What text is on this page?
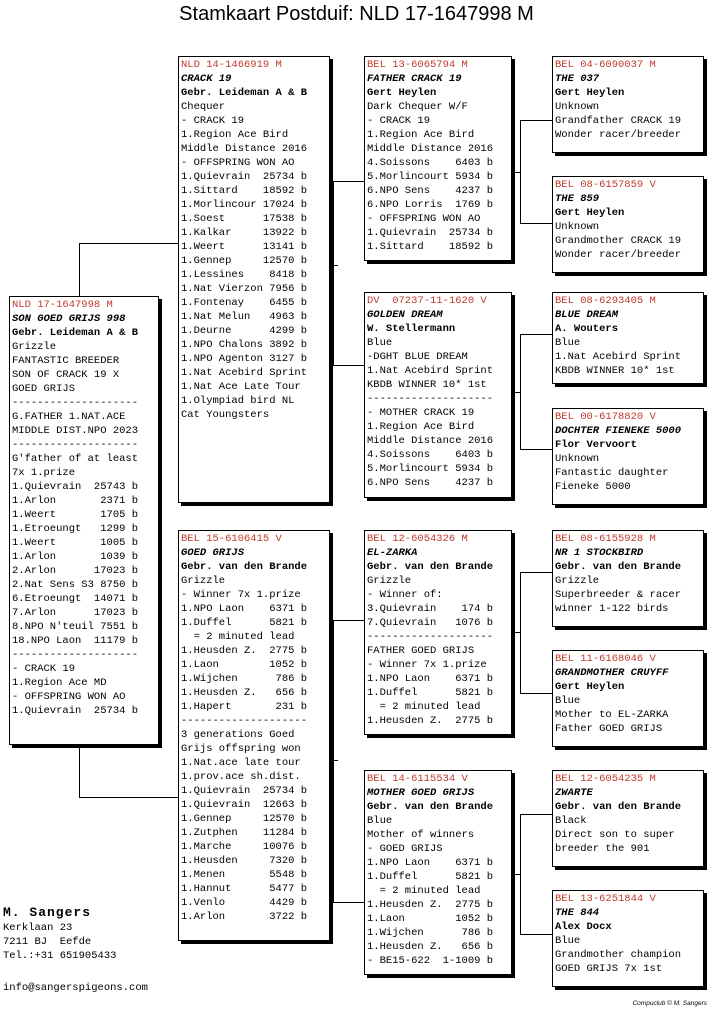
Stamkaart Postduif: NLD 17-1647998 M
NLD 17-1647998 M
SON GOED GRIJS 998
Gebr. Leideman A & B
Grizzle
FANTASTIC BREEDER
SON OF CRACK 19 X
GOED GRIJS
--------------------
G.FATHER 1.NAT.ACE
MIDDLE DIST.NPO 2023
--------------------
G'father of at least
7x 1.prize
1.Quievrain  25743 b
1.Arlon       2371 b
1.Weert       1705 b
1.Etroeungt   1299 b
1.Weert       1005 b
1.Arlon       1039 b
2.Arlon      17023 b
2.Nat Sens S3 8750 b
6.Etroeungt  14071 b
7.Arlon      17023 b
8.NPO N'teuil 7551 b
18.NPO Laon  11179 b
--------------------
- CRACK 19
1.Region Ace MD
- OFFSPRING WON AO
1.Quievrain  25734 b
NLD 14-1466919 M
CRACK 19
Gebr. Leideman A & B
Chequer
- CRACK 19
1.Region Ace Bird
Middle Distance 2016
- OFFSPRING WON AO
1.Quievrain  25734 b
1.Sittard    18592 b
1.Morlincour 17024 b
1.Soest      17538 b
1.Kalkar     13922 b
1.Weert      13141 b
1.Gennep     12570 b
1.Lessines    8418 b
1.Nat Vierzon 7956 b
1.Fontenay    6455 b
1.Nat Melun   4963 b
1.Deurne      4299 b
1.NPO Chalons 3892 b
1.NPO Agenton 3127 b
1.Nat Acebird Sprint
1.Nat Ace Late Tour
1.Olympiad bird NL
Cat Youngsters
BEL 15-6106415 V
GOED GRIJS
Gebr. van den Brande
Grizzle
- Winner 7x 1.prize
1.NPO Laon    6371 b
1.Duffel      5821 b
= 2 minuted lead
1.Heusden Z.  2775 b
1.Laon        1052 b
1.Wijchen      786 b
1.Heusden Z.   656 b
1.Hapert       231 b
--------------------
3 generations Goed
Grijs offspring won
1.Nat.ace late tour
1.prov.ace sh.dist.
1.Quievrain  25734 b
1.Quievrain  12663 b
1.Gennep     12570 b
1.Zutphen    11284 b
1.Marche     10076 b
1.Heusden     7320 b
1.Menen       5548 b
1.Hannut      5477 b
1.Venlo       4429 b
1.Arlon       3722 b
BEL 13-6065794 M
FATHER CRACK 19
Gert Heylen
Dark Chequer W/F
- CRACK 19
1.Region Ace Bird
Middle Distance 2016
4.Soissons    6403 b
5.Morlincourt 5934 b
6.NPO Sens    4237 b
6.NPO Lorris  1769 b
- OFFSPRING WON AO
1.Quievrain  25734 b
1.Sittard    18592 b
DV  07237-11-1620 V
GOLDEN DREAM
W. Stellermann
Blue
-DGHT BLUE DREAM
1.Nat Acebird Sprint
KBDB WINNER 10* 1st
--------------------
- MOTHER CRACK 19
1.Region Ace Bird
Middle Distance 2016
4.Soissons    6403 b
5.Morlincourt 5934 b
6.NPO Sens    4237 b
BEL 12-6054326 M
EL-ZARKA
Gebr. van den Brande
Grizzle
- Winner of:
3.Quievrain    174 b
7.Quievrain   1076 b
--------------------
FATHER GOED GRIJS
- Winner 7x 1.prize
1.NPO Laon    6371 b
1.Duffel      5821 b
= 2 minuted lead
1.Heusden Z.  2775 b
BEL 14-6115534 V
MOTHER GOED GRIJS
Gebr. van den Brande
Blue
Mother of winners
- GOED GRIJS
1.NPO Laon    6371 b
1.Duffel      5821 b
= 2 minuted lead
1.Heusden Z.  2775 b
1.Laon        1052 b
1.Wijchen      786 b
1.Heusden Z.   656 b
- BE15-622  1-1009 b
BEL 04-6090037 M
THE 037
Gert Heylen
Unknown
Grandfather CRACK 19
Wonder racer/breeder
BEL 08-6157859 V
THE 859
Gert Heylen
Unknown
Grandmother CRACK 19
Wonder racer/breeder
BEL 08-6293405 M
BLUE DREAM
A. Wouters
Blue
1.Nat Acebird Sprint
KBDB WINNER 10* 1st
BEL 00-6178820 V
DOCHTER FIENEKE 5000
Flor Vervoort
Unknown
Fantastic daughter
Fieneke 5000
BEL 08-6155928 M
NR 1 STOCKBIRD
Gebr. van den Brande
Grizzle
Superbreeder & racer
winner 1-122 birds
BEL 11-6168046 V
GRANDMOTHER CRUYFF
Gert Heylen
Blue
Mother to EL-ZARKA
Father GOED GRIJS
BEL 12-6054235 M
ZWARTE
Gebr. van den Brande
Black
Direct son to super
breeder the 901
BEL 13-6251844 V
THE 844
Alex Docx
Blue
Grandmother champion
GOED GRIJS 7x 1st
M. Sangers
Kerklaan 23
7211 BJ  Eefde
Tel.:+31 651905433
info@sangerspigeons.com
Compuclub © M. Sangers
